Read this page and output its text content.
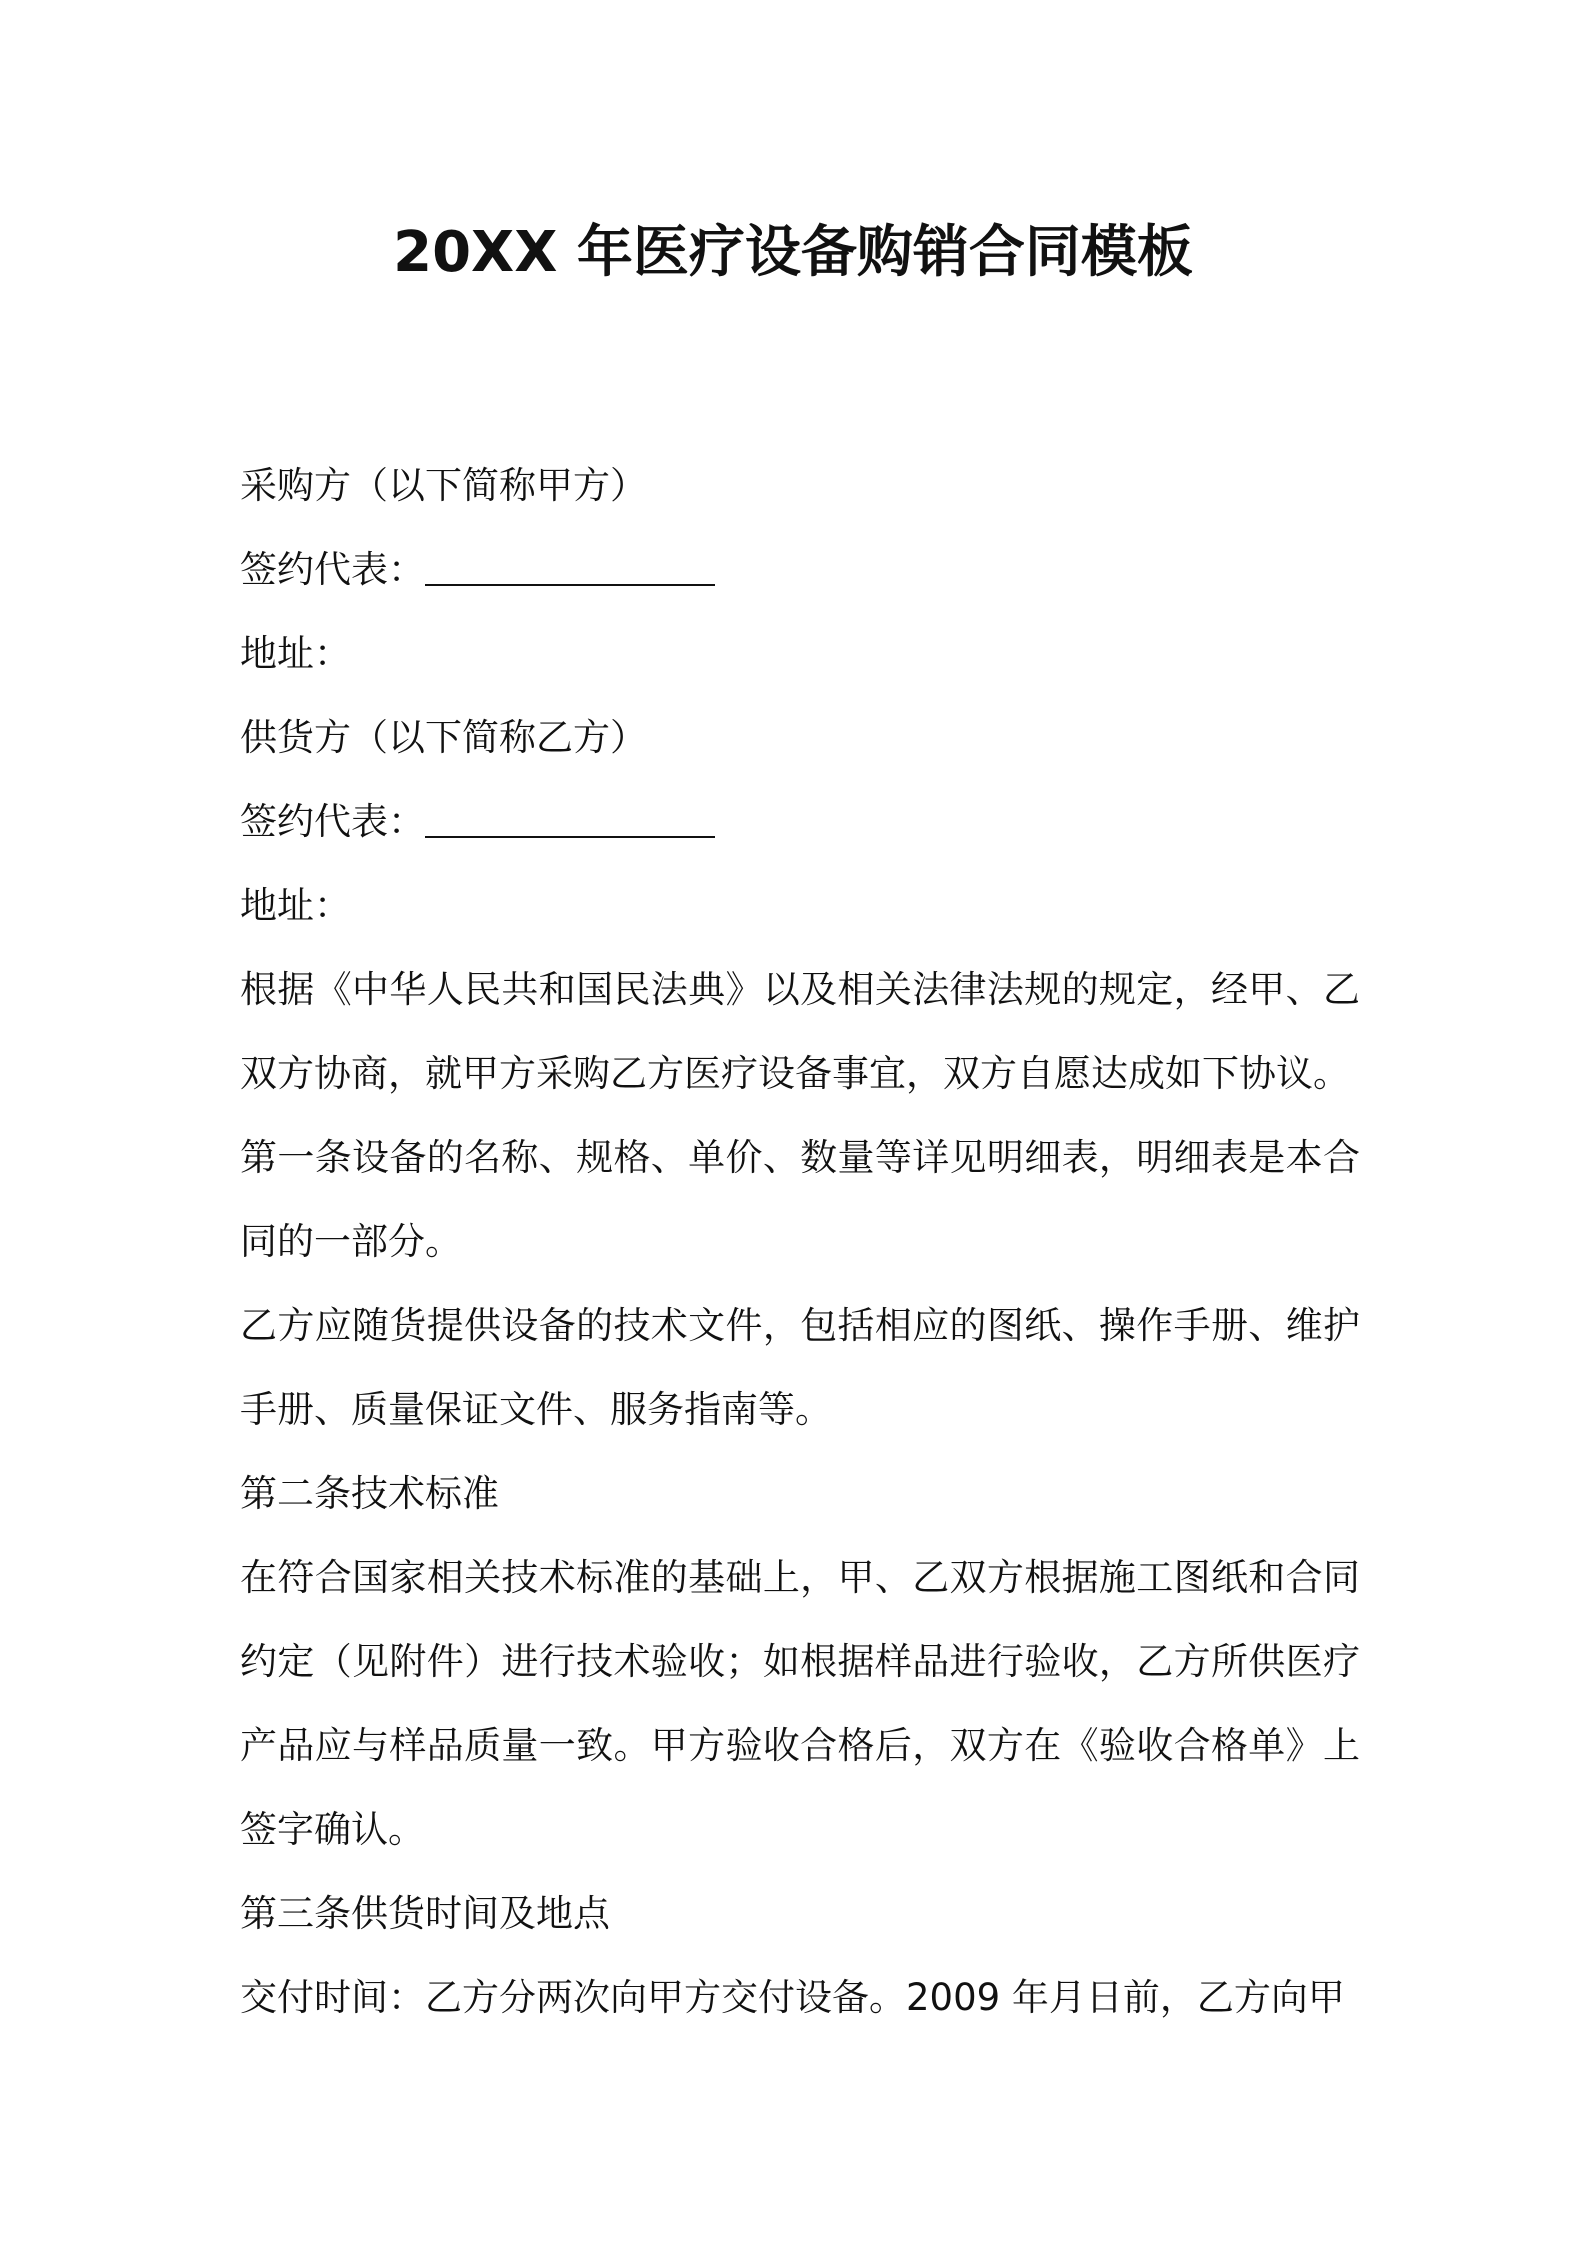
20XX 年医疗设备购销合同模板

采购方（以下简称甲方）

签约代表：

地址：

供货方（以下简称乙方）

签约代表：

地址：

根据《中华人民共和国民法典》以及相关法律法规的规定，经甲、乙双方协商，就甲方采购乙方医疗设备事宜，双方自愿达成如下协议。

第一条设备的名称、规格、单价、数量等详见明细表，明细表是本合同的一部分。

乙方应随货提供设备的技术文件，包括相应的图纸、操作手册、维护手册、质量保证文件、服务指南等。

第二条技术标准

在符合国家相关技术标准的基础上，甲、乙双方根据施工图纸和合同约定（见附件）进行技术验收；如根据样品进行验收，乙方所供医疗产品应与样品质量一致。甲方验收合格后，双方在《验收合格单》上签字确认。

第三条供货时间及地点

交付时间：乙方分两次向甲方交付设备。2009 年月日前，乙方向甲
